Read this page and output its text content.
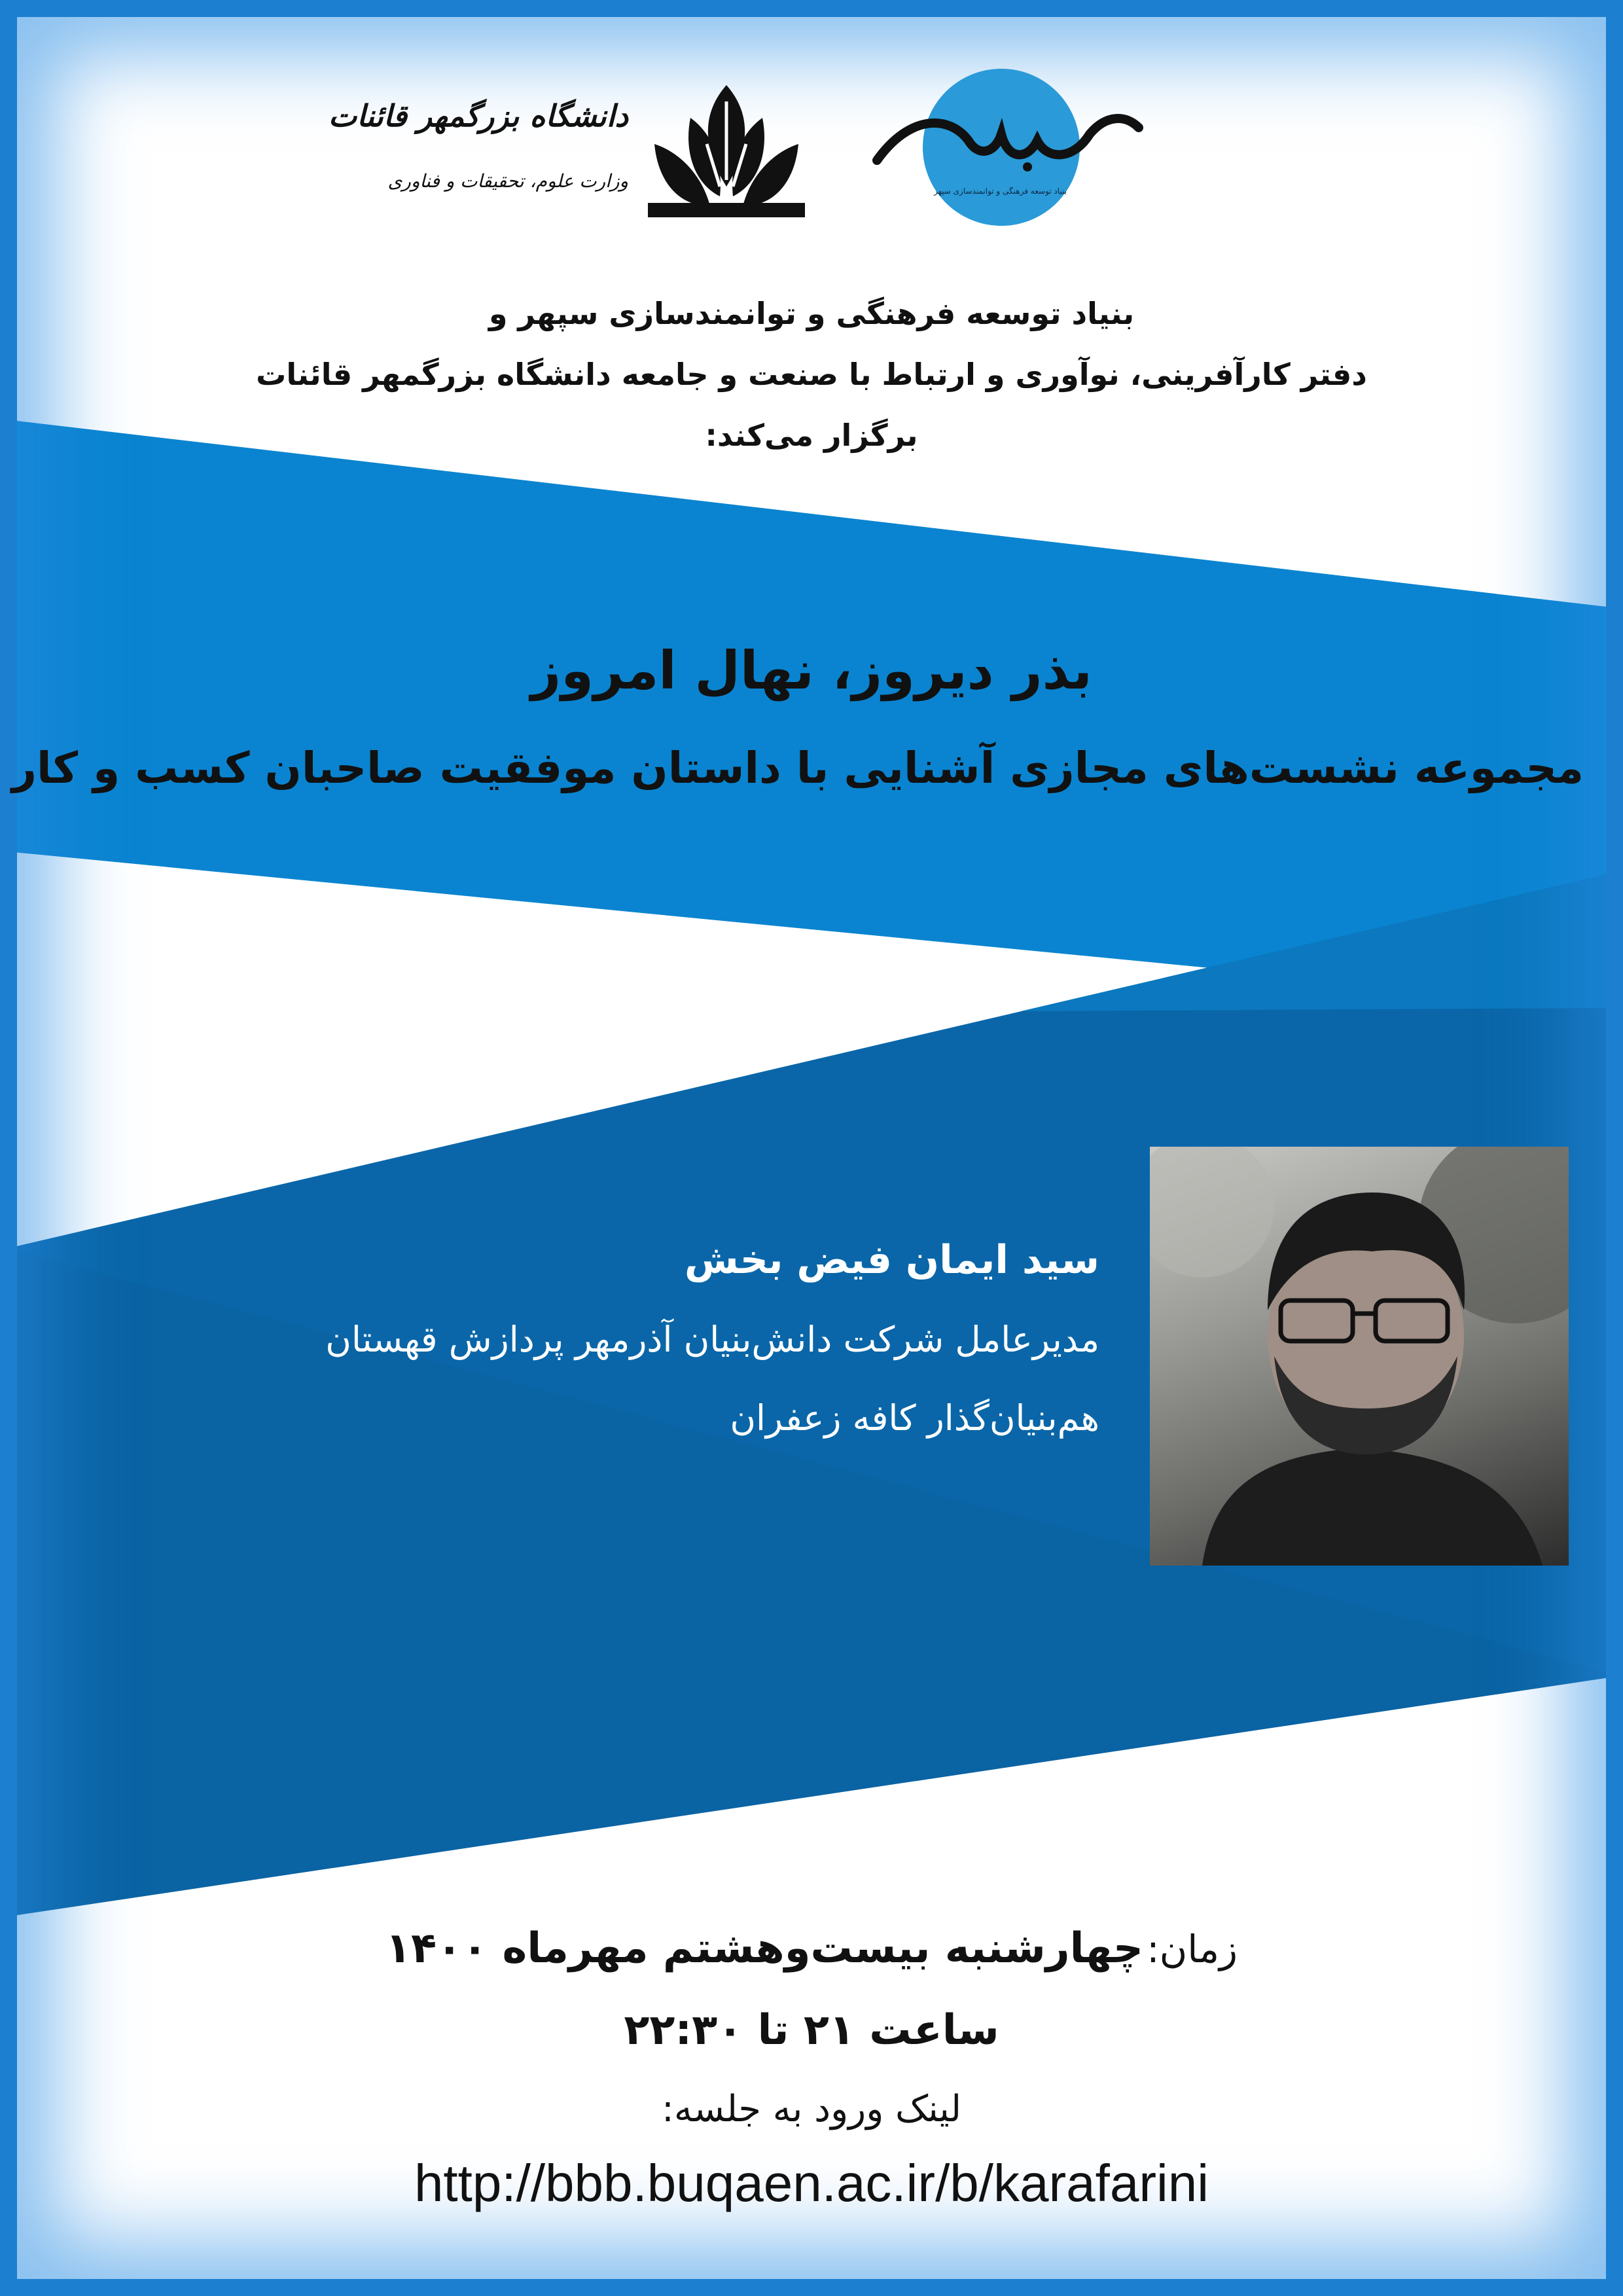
دانشگاه بزرگمهر قائنات
وزارت علوم، تحقیقات و فناوری	بنیاد توسعه فرهنگی و توانمندسازی سپهر
بنیاد توسعه فرهنگی و توانمندسازی سپهر و
دفتر کارآفرینی، نوآوری و ارتباط با صنعت و جامعه دانشگاه بزرگمهر قائنات
برگزار می‌کند:
بذر دیروز، نهال امروز
مجموعه نشست‌های مجازی آشنایی با داستان موفقیت صاحبان کسب و کار
سید ایمان فیض بخش
مدیرعامل شرکت دانش‌بنیان آذرمهر پردازش قهستان
هم‌بنیان‌گذار کافه زعفران
زمان: چهارشنبه بیست‌وهشتم مهرماه ۱۴۰۰
ساعت ۲۱ تا ۲۲:۳۰
لینک ورود به جلسه:
http://bbb.buqaen.ac.ir/b/karafarini
